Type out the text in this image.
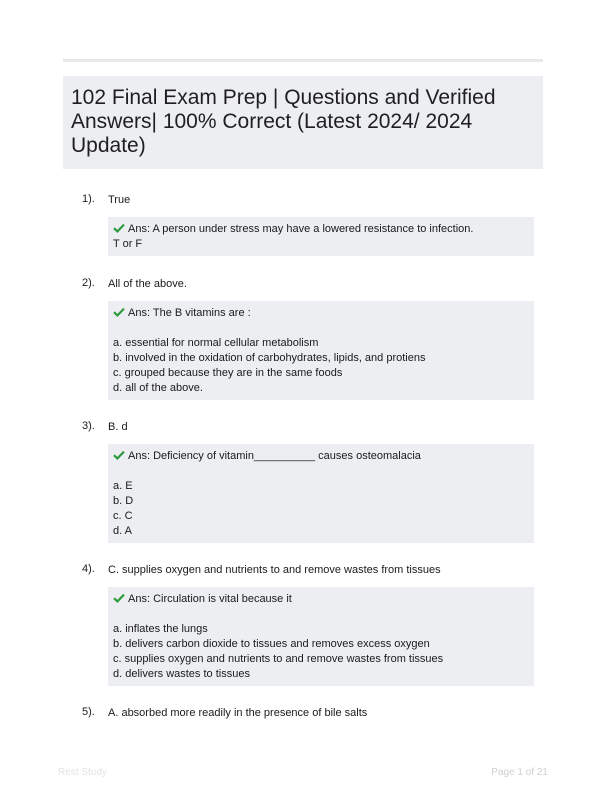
102 Final Exam Prep | Questions and Verified Answers| 100% Correct (Latest 2024/ 2024 Update)
1). True
Ans: A person under stress may have a lowered resistance to infection.
T or F
2). All of the above.
Ans: The B vitamins are :
a. essential for normal cellular metabolism
b. involved in the oxidation of carbohydrates, lipids, and protiens
c. grouped because they are in the same foods
d. all of the above.
3). B. d
Ans: Deficiency of vitamin__________ causes osteomalacia
a. E
b. D
c. C
d. A
4). C. supplies oxygen and nutrients to and remove wastes from tissues
Ans: Circulation is vital because it
a. inflates the lungs
b. delivers carbon dioxide to tissues and removes excess oxygen
c. supplies oxygen and nutrients to and remove wastes from tissues
d. delivers wastes to tissues
5). A. absorbed more readily in the presence of bile salts
Rest Study	Page 1 of 21
